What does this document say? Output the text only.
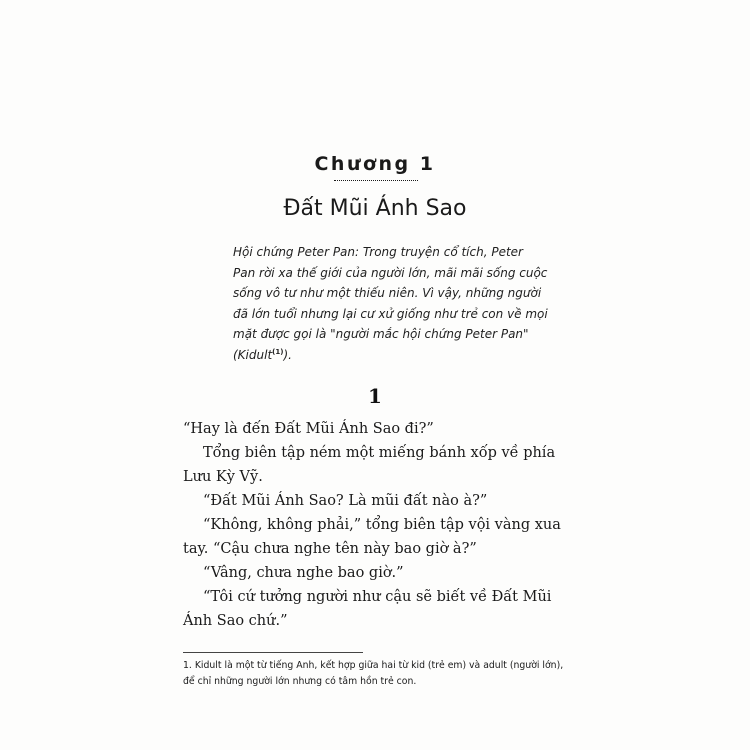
Chương 1
Đất Mũi Ánh Sao
Hội chứng Peter Pan: Trong truyện cổ tích, Peter
Pan rời xa thế giới của người lớn, mãi mãi sống cuộc
sống vô tư như một thiếu niên. Vì vậy, những người
đã lớn tuổi nhưng lại cư xử giống như trẻ con về mọi
mặt được gọi là "người mắc hội chứng Peter Pan"
(Kidult$^{(1)}$).
1

“Hay là đến Đất Mũi Ánh Sao đi?”

Tổng biên tập ném một miếng bánh xốp về phía Lưu Kỳ Vỹ.

“Đất Mũi Ánh Sao? Là mũi đất nào à?”

“Không, không phải,” tổng biên tập vội vàng xua tay. “Cậu chưa nghe tên này bao giờ à?”

“Vâng, chưa nghe bao giờ.”

“Tôi cứ tưởng người như cậu sẽ biết về Đất Mũi Ánh Sao chứ.”

1. Kidult là một từ tiếng Anh, kết hợp giữa hai từ kid (trẻ em) và adult (người lớn),
để chỉ những người lớn nhưng có tâm hồn trẻ con.
